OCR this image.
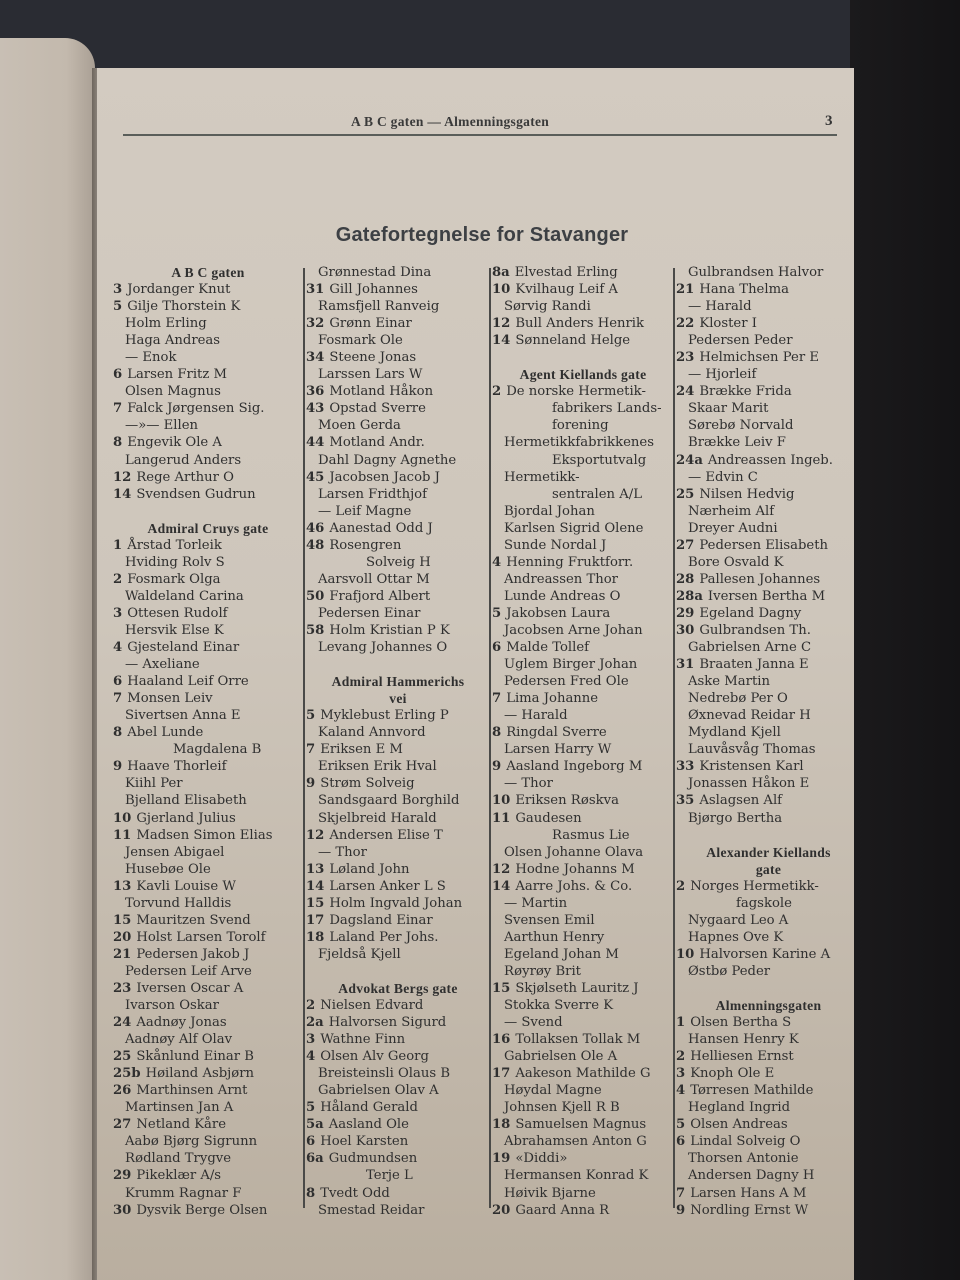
A B C gaten — Almenningsgaten	3
Gatefortegnelse for Stavanger
A B C gaten
3 Jordanger Knut
5 Gilje Thorstein K
Holm Erling
Haga Andreas
— Enok
6 Larsen Fritz M
Olsen Magnus
7 Falck Jørgensen Sig.
—»— Ellen
8 Engevik Ole A
Langerud Anders
12 Rege Arthur O
14 Svendsen Gudrun
Admiral Cruys gate
1 Årstad Torleik
Hviding Rolv S
2 Fosmark Olga
Waldeland Carina
3 Ottesen Rudolf
Hersvik Else K
4 Gjesteland Einar
— Axeliane
6 Haaland Leif Orre
7 Monsen Leiv
Sivertsen Anna E
8 Abel Lunde
Magdalena B
9 Haave Thorleif
Kiihl Per
Bjelland Elisabeth
10 Gjerland Julius
11 Madsen Simon Elias
Jensen Abigael
Husebøe Ole
13 Kavli Louise W
Torvund Halldis
15 Mauritzen Svend
20 Holst Larsen Torolf
21 Pedersen Jakob J
Pedersen Leif Arve
23 Iversen Oscar A
Ivarson Oskar
24 Aadnøy Jonas
Aadnøy Alf Olav
25 Skånlund Einar B
25b Høiland Asbjørn
26 Marthinsen Arnt
Martinsen Jan A
27 Netland Kåre
Aabø Bjørg Sigrunn
Rødland Trygve
29 Pikeklær A/s
Krumm Ragnar F
30 Dysvik Berge Olsen
Grønnestad Dina
31 Gill Johannes
Ramsfjell Ranveig
32 Grønn Einar
Fosmark Ole
34 Steene Jonas
Larssen Lars W
36 Motland Håkon
43 Opstad Sverre
Moen Gerda
44 Motland Andr.
Dahl Dagny Agnethe
45 Jacobsen Jacob J
Larsen Fridthjof
— Leif Magne
46 Aanestad Odd J
48 Rosengren
Solveig H
Aarsvoll Ottar M
50 Frafjord Albert
Pedersen Einar
58 Holm Kristian P K
Levang Johannes O
Admiral Hammerichs
vei
5 Myklebust Erling P
Kaland Annvord
7 Eriksen E M
Eriksen Erik Hval
9 Strøm Solveig
Sandsgaard Borghild
Skjelbreid Harald
12 Andersen Elise T
— Thor
13 Løland John
14 Larsen Anker L S
15 Holm Ingvald Johan
17 Dagsland Einar
18 Laland Per Johs.
Fjeldså Kjell
Advokat Bergs gate
2 Nielsen Edvard
2a Halvorsen Sigurd
3 Wathne Finn
4 Olsen Alv Georg
Breisteinsli Olaus B
Gabrielsen Olav A
5 Håland Gerald
5a Aasland Ole
6 Hoel Karsten
6a Gudmundsen
Terje L
8 Tvedt Odd
Smestad Reidar
8a Elvestad Erling
10 Kvilhaug Leif A
Sørvig Randi
12 Bull Anders Henrik
14 Sønneland Helge
Agent Kiellands gate
2 De norske Hermetik-
fabrikers Lands-
forening
Hermetikkfabrikkenes
Eksportutvalg
Hermetikk-
sentralen A/L
Bjordal Johan
Karlsen Sigrid Olene
Sunde Nordal J
4 Henning Fruktforr.
Andreassen Thor
Lunde Andreas O
5 Jakobsen Laura
Jacobsen Arne Johan
6 Malde Tollef
Uglem Birger Johan
Pedersen Fred Ole
7 Lima Johanne
— Harald
8 Ringdal Sverre
Larsen Harry W
9 Aasland Ingeborg M
— Thor
10 Eriksen Røskva
11 Gaudesen
Rasmus Lie
Olsen Johanne Olava
12 Hodne Johanns M
14 Aarre Johs. & Co.
— Martin
Svensen Emil
Aarthun Henry
Egeland Johan M
Røyrøy Brit
15 Skjølseth Lauritz J
Stokka Sverre K
— Svend
16 Tollaksen Tollak M
Gabrielsen Ole A
17 Aakeson Mathilde G
Høydal Magne
Johnsen Kjell R B
18 Samuelsen Magnus
Abrahamsen Anton G
19 «Diddi»
Hermansen Konrad K
Høivik Bjarne
20 Gaard Anna R
Gulbrandsen Halvor
21 Hana Thelma
— Harald
22 Kloster I
Pedersen Peder
23 Helmichsen Per E
— Hjorleif
24 Brække Frida
Skaar Marit
Sørebø Norvald
Brække Leiv F
24a Andreassen Ingeb.
— Edvin C
25 Nilsen Hedvig
Nærheim Alf
Dreyer Audni
27 Pedersen Elisabeth
Bore Osvald K
28 Pallesen Johannes
28a Iversen Bertha M
29 Egeland Dagny
30 Gulbrandsen Th.
Gabrielsen Arne C
31 Braaten Janna E
Aske Martin
Nedrebø Per O
Øxnevad Reidar H
Mydland Kjell
Lauvåsvåg Thomas
33 Kristensen Karl
Jonassen Håkon E
35 Aslagsen Alf
Bjørgo Bertha
Alexander Kiellands
gate
2 Norges Hermetikk-
fagskole
Nygaard Leo A
Hapnes Ove K
10 Halvorsen Karine A
Østbø Peder
Almenningsgaten
1 Olsen Bertha S
Hansen Henry K
2 Helliesen Ernst
3 Knoph Ole E
4 Tørresen Mathilde
Hegland Ingrid
5 Olsen Andreas
6 Lindal Solveig O
Thorsen Antonie
Andersen Dagny H
7 Larsen Hans A M
9 Nordling Ernst W
